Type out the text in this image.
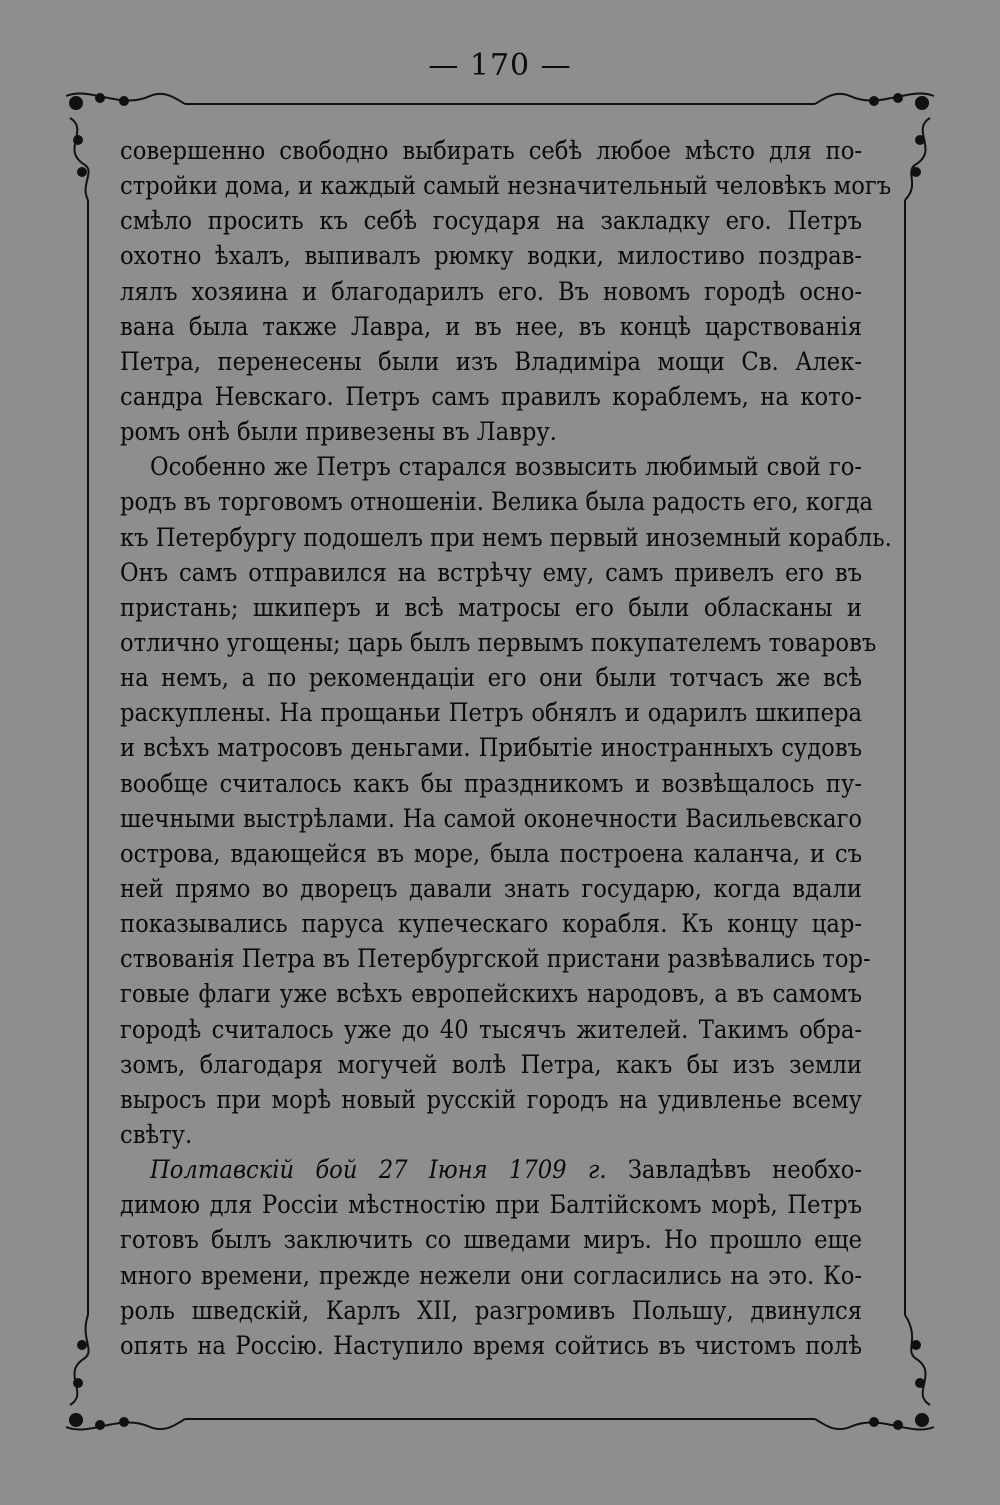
— 170 —
совершенно свободно выбирать себѣ любое мѣсто для по-
стройки дома, и каждый самый незначительный человѣкъ могъ
смѣло просить къ себѣ государя на закладку его. Петръ
охотно ѣхалъ, выпивалъ рюмку водки, милостиво поздрав-
лялъ хозяина и благодарилъ его. Въ новомъ городѣ осно-
вана была также Лавра, и въ нее, въ концѣ царствованія
Петра, перенесены были изъ Владиміра мощи Св. Алек-
сандра Невскаго. Петръ самъ правилъ кораблемъ, на кото-
ромъ онѣ были привезены въ Лавру.
Особенно же Петръ старался возвысить любимый свой го-
родъ въ торговомъ отношеніи. Велика была радость его, когда
къ Петербургу подошелъ при немъ первый иноземный корабль.
Онъ самъ отправился на встрѣчу ему, самъ привелъ его въ
пристань; шкиперъ и всѣ матросы его были обласканы и
отлично угощены; царь былъ первымъ покупателемъ товаровъ
на немъ, а по рекомендаціи его они были тотчасъ же всѣ
раскуплены. На прощаньи Петръ обнялъ и одарилъ шкипера
и всѣхъ матросовъ деньгами. Прибытіе иностранныхъ судовъ
вообще считалось какъ бы праздникомъ и возвѣщалось пу-
шечными выстрѣлами. На самой оконечности Васильевскаго
острова, вдающейся въ море, была построена каланча, и съ
ней прямо во дворецъ давали знать государю, когда вдали
показывались паруса купеческаго корабля. Къ концу цар-
ствованія Петра въ Петербургской пристани развѣвались тор-
говые флаги уже всѣхъ европейскихъ народовъ, а въ самомъ
городѣ считалось уже до 40 тысячъ жителей. Такимъ обра-
зомъ, благодаря могучей волѣ Петра, какъ бы изъ земли
выросъ при морѣ новый русскій городъ на удивленье всему
свѣту.
Полтавскій бой 27 Іюня 1709 г. Завладѣвъ необхо-
димою для Россіи мѣстностію при Балтійскомъ морѣ, Петръ
готовъ былъ заключить со шведами миръ. Но прошло еще
много времени, прежде нежели они согласились на это. Ко-
роль шведскій, Карлъ XII, разгромивъ Польшу, двинулся
опять на Россію. Наступило время сойтись въ чистомъ полѣ
